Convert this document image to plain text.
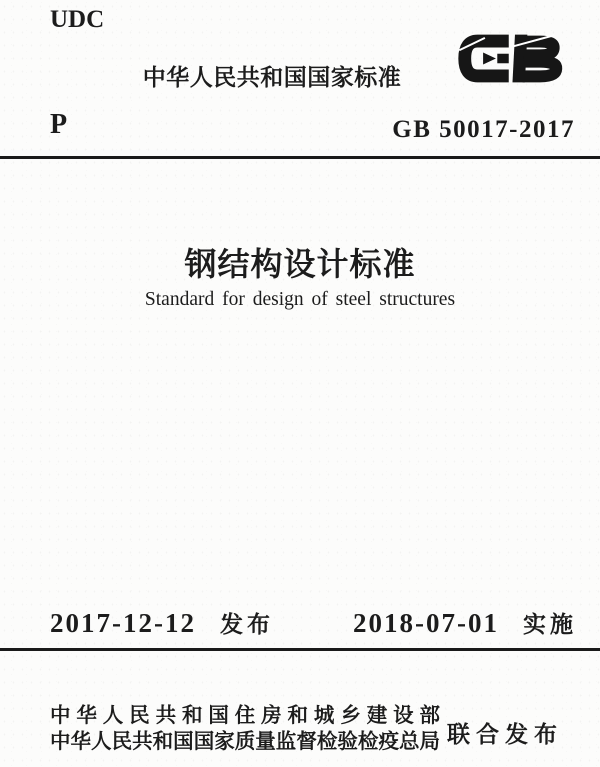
UDC
中华人民共和国国家标准
P	GB 50017-2017
钢结构设计标准
Standard for design of steel structures
2017-12-12 发布	2018-07-01 实施
中华人民共和国住房和城乡建设部
中华人民共和国国家质量监督检验检疫总局 联合发布
